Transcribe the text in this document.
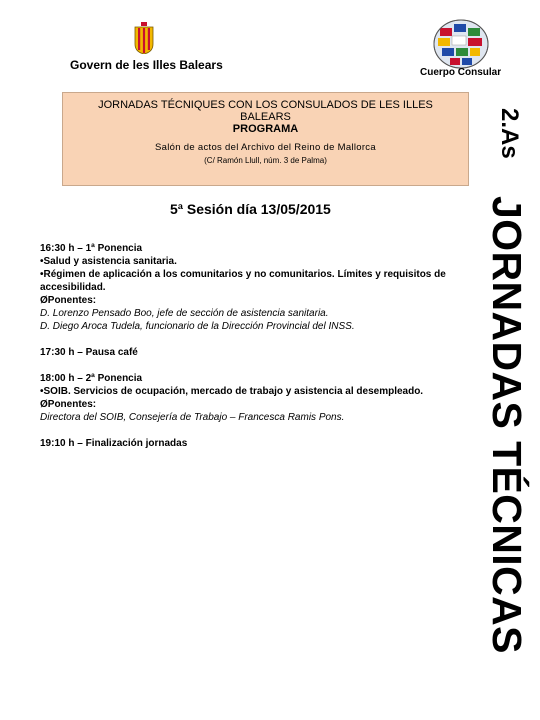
Govern de les Illes Balears
Cuerpo Consular
JORNADAS TÉCNIQUES CON LOS CONSULADOS DE LES ILLES BALEARS
PROGRAMA
Salón de actos del Archivo del Reino de Mallorca
(C/ Ramón Llull, núm. 3 de Palma)
2.As
JORNADAS TÉCNICAS
5ª Sesión día 13/05/2015

16:30 h – 1ª Ponencia

•Salud y asistencia sanitaria.

•Régimen de aplicación a los comunitarios y no comunitarios. Límites y requisitos de accesibilidad.

ØPonentes:

D. Lorenzo Pensado Boo, jefe de sección de asistencia sanitaria.

D. Diego Aroca Tudela, funcionario de la Dirección Provincial del INSS.

17:30 h – Pausa café

18:00 h – 2ª Ponencia

•SOIB. Servicios de ocupación, mercado de trabajo y asistencia al desempleado.

ØPonentes:

Directora del SOIB, Consejería de Trabajo – Francesca Ramis Pons.

19:10 h – Finalización jornadas
